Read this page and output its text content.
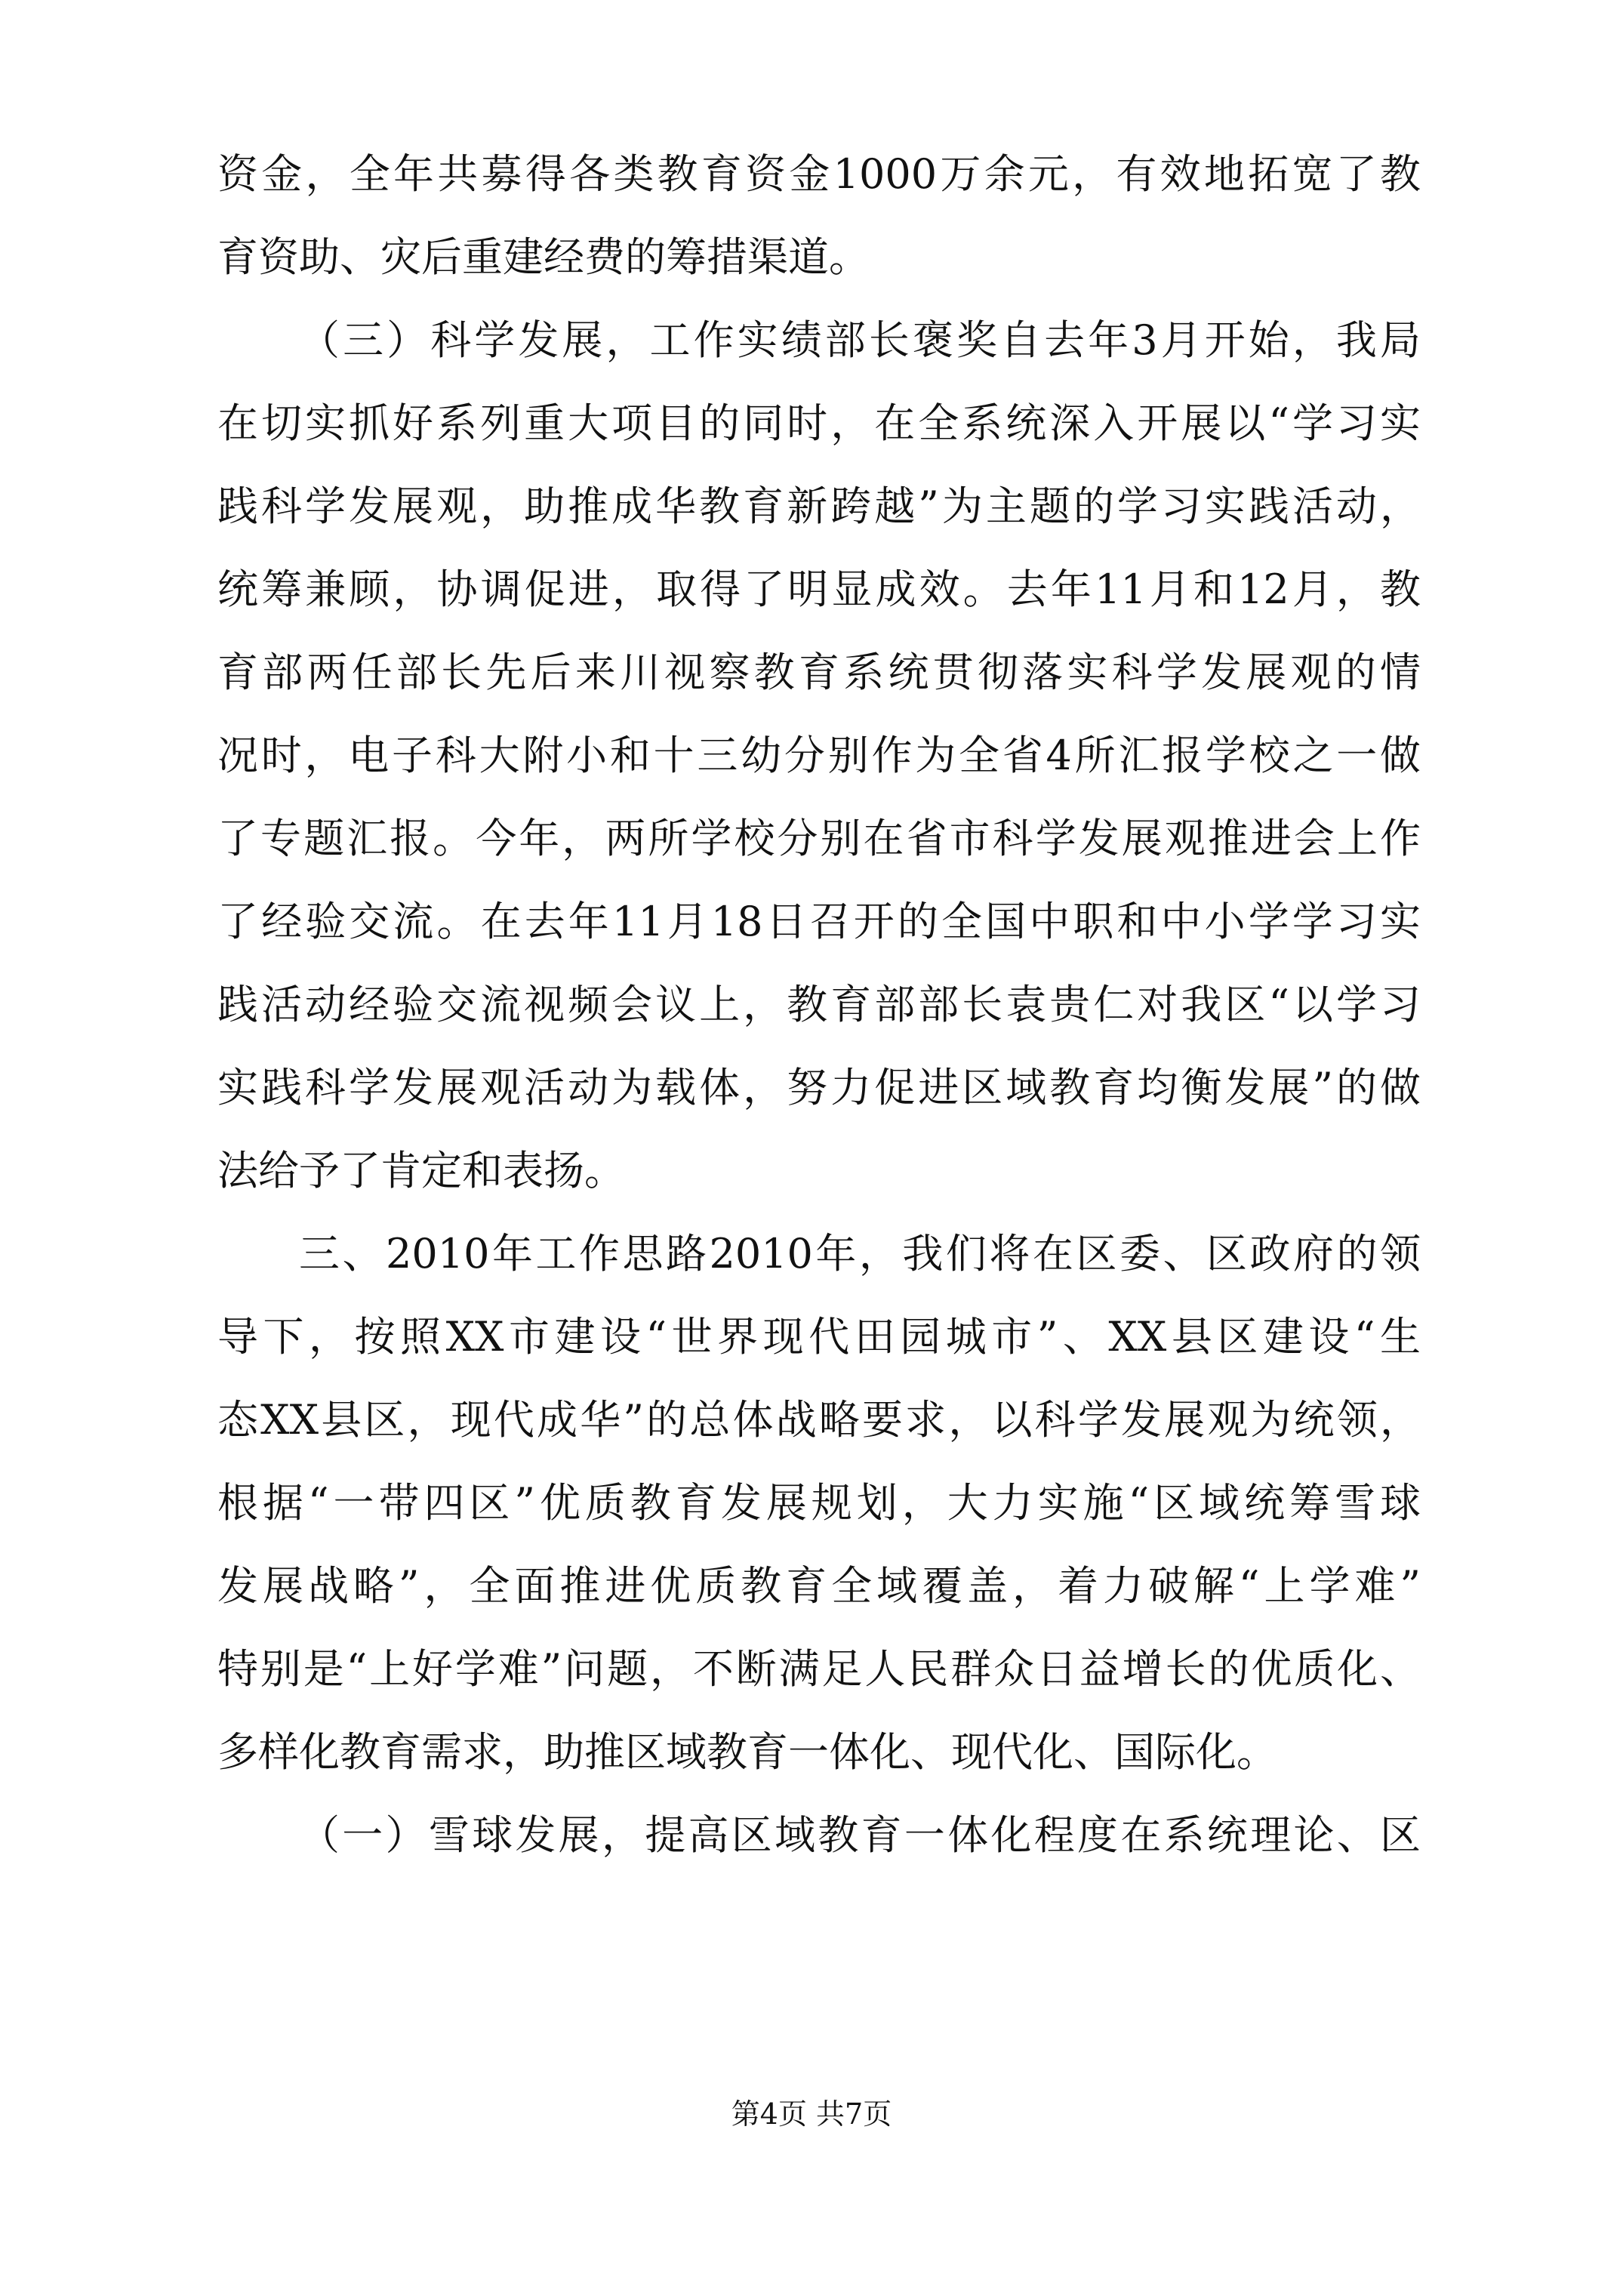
资金，全年共募得各类教育资金1000万余元，有效地拓宽了教
育资助、灾后重建经费的筹措渠道。
（三）科学发展，工作实绩部长褒奖自去年3月开始，我局
在切实抓好系列重大项目的同时，在全系统深入开展以“学习实
践科学发展观，助推成华教育新跨越”为主题的学习实践活动，
统筹兼顾，协调促进，取得了明显成效。去年11月和12月，教
育部两任部长先后来川视察教育系统贯彻落实科学发展观的情
况时，电子科大附小和十三幼分别作为全省4所汇报学校之一做
了专题汇报。今年，两所学校分别在省市科学发展观推进会上作
了经验交流。在去年11月18日召开的全国中职和中小学学习实
践活动经验交流视频会议上，教育部部长袁贵仁对我区“以学习
实践科学发展观活动为载体，努力促进区域教育均衡发展”的做
法给予了肯定和表扬。
三、2010年工作思路2010年，我们将在区委、区政府的领
导下，按照XX市建设“世界现代田园城市”、XX县区建设“生
态XX县区，现代成华”的总体战略要求，以科学发展观为统领，
根据“一带四区”优质教育发展规划，大力实施“区域统筹雪球
发展战略”，全面推进优质教育全域覆盖，着力破解“上学难”
特别是“上好学难”问题，不断满足人民群众日益增长的优质化、
多样化教育需求，助推区域教育一体化、现代化、国际化。
（一）雪球发展，提高区域教育一体化程度在系统理论、区
第4页 共7页
